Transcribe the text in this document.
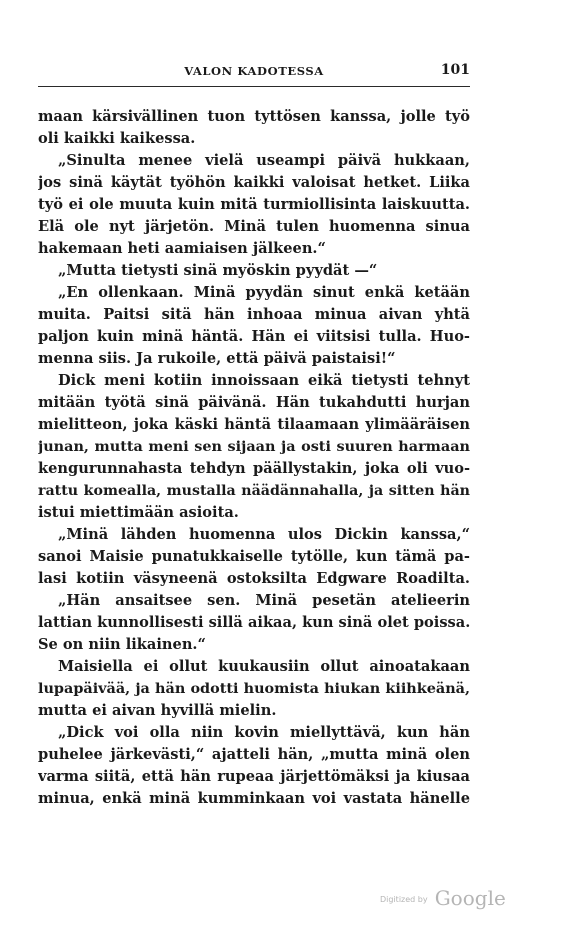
VALON KADOTESSA	101
maan kärsivällinen tuon tyttösen kanssa, jolle työ
oli kaikki kaikessa.
„Sinulta menee vielä useampi päivä hukkaan,
jos sinä käytät työhön kaikki valoisat hetket. Liika
työ ei ole muuta kuin mitä turmiollisinta laiskuutta.
Elä ole nyt järjetön. Minä tulen huomenna sinua
hakemaan heti aamiaisen jälkeen.“
„Mutta tietysti sinä myöskin pyydät —“
„En ollenkaan. Minä pyydän sinut enkä ketään
muita. Paitsi sitä hän inhoaa minua aivan yhtä
paljon kuin minä häntä. Hän ei viitsisi tulla. Huo-
menna siis. Ja rukoile, että päivä paistaisi!“
Dick meni kotiin innoissaan eikä tietysti tehnyt
mitään työtä sinä päivänä. Hän tukahdutti hurjan
mielitteon, joka käski häntä tilaamaan ylimääräisen
junan, mutta meni sen sijaan ja osti suuren harmaan
kengurunnahasta tehdyn päällystakin, joka oli vuo-
rattu komealla, mustalla näädännahalla, ja sitten hän
istui miettimään asioita.
„Minä lähden huomenna ulos Dickin kanssa,“
sanoi Maisie punatukkaiselle tytölle, kun tämä pa-
lasi kotiin väsyneenä ostoksilta Edgware Roadilta.
„Hän ansaitsee sen. Minä pesetän atelieerin
lattian kunnollisesti sillä aikaa, kun sinä olet poissa.
Se on niin likainen.“
Maisiella ei ollut kuukausiin ollut ainoatakaan
lupapäivää, ja hän odotti huomista hiukan kiihkeänä,
mutta ei aivan hyvillä mielin.
„Dick voi olla niin kovin miellyttävä, kun hän
puhelee järkevästi,“ ajatteli hän, „mutta minä olen
varma siitä, että hän rupeaa järjettömäksi ja kiusaa
minua, enkä minä kumminkaan voi vastata hänelle
Digitized by Google
